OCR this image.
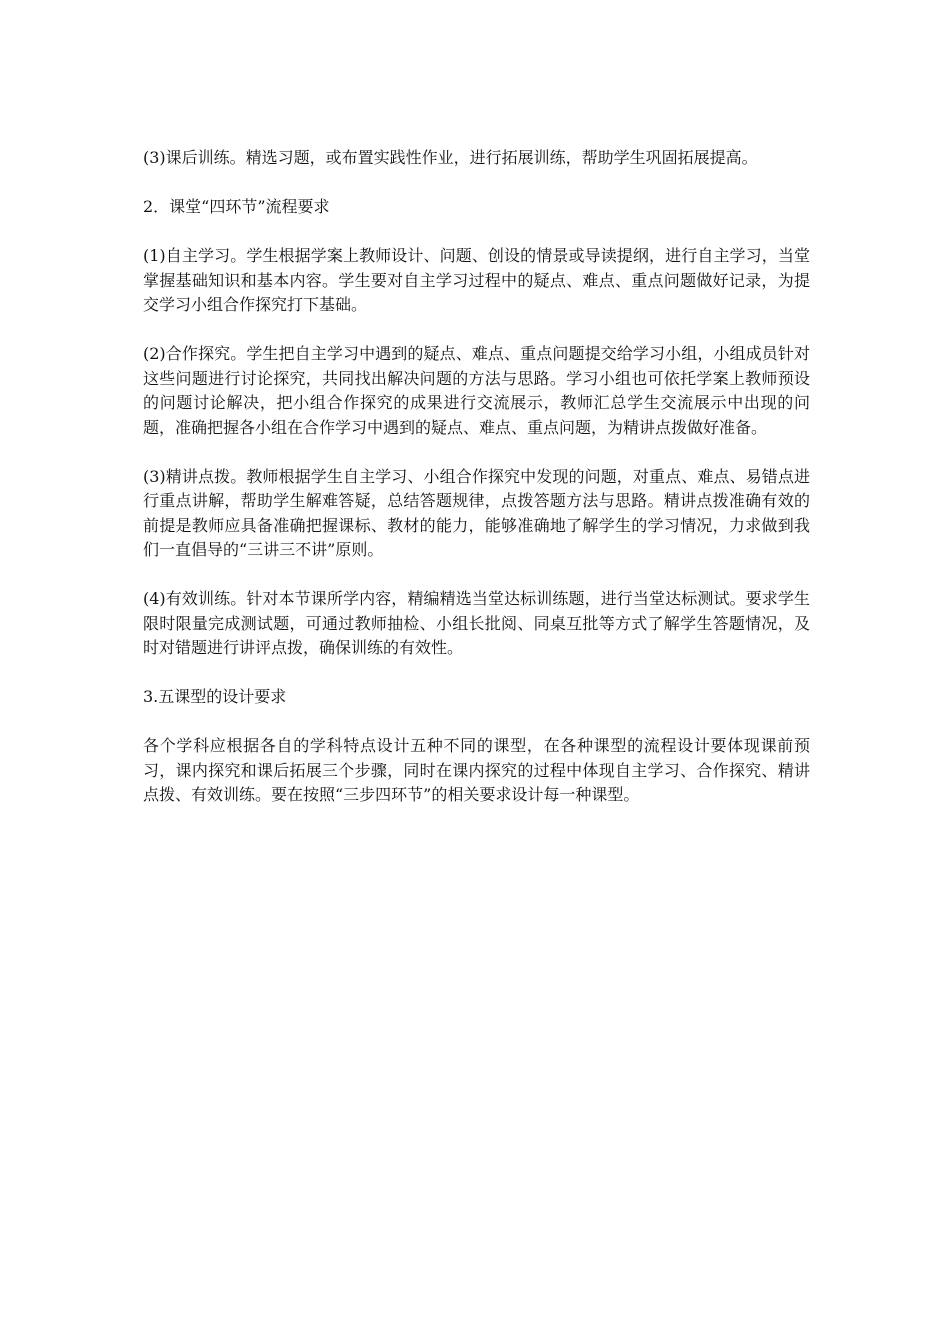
(3)课后训练。精选习题，或布置实践性作业，进行拓展训练，帮助学生巩固拓展提高。

2．课堂“四环节”流程要求

(1)自主学习。学生根据学案上教师设计、问题、创设的情景或导读提纲，进行自主学习，当堂掌握基础知识和基本内容。学生要对自主学习过程中的疑点、难点、重点问题做好记录，为提交学习小组合作探究打下基础。

(2)合作探究。学生把自主学习中遇到的疑点、难点、重点问题提交给学习小组，小组成员针对这些问题进行讨论探究，共同找出解决问题的方法与思路。学习小组也可依托学案上教师预设的问题讨论解决，把小组合作探究的成果进行交流展示，教师汇总学生交流展示中出现的问题，准确把握各小组在合作学习中遇到的疑点、难点、重点问题，为精讲点拨做好准备。

(3)精讲点拨。教师根据学生自主学习、小组合作探究中发现的问题，对重点、难点、易错点进行重点讲解，帮助学生解难答疑，总结答题规律，点拨答题方法与思路。精讲点拨准确有效的前提是教师应具备准确把握课标、教材的能力，能够准确地了解学生的学习情况，力求做到我们一直倡导的“三讲三不讲”原则。

(4)有效训练。针对本节课所学内容，精编精选当堂达标训练题，进行当堂达标测试。要求学生限时限量完成测试题，可通过教师抽检、小组长批阅、同桌互批等方式了解学生答题情况，及时对错题进行讲评点拨，确保训练的有效性。

3.五课型的设计要求

各个学科应根据各自的学科特点设计五种不同的课型，在各种课型的流程设计要体现课前预习，课内探究和课后拓展三个步骤，同时在课内探究的过程中体现自主学习、合作探究、精讲点拨、有效训练。要在按照“三步四环节”的相关要求设计每一种课型。
